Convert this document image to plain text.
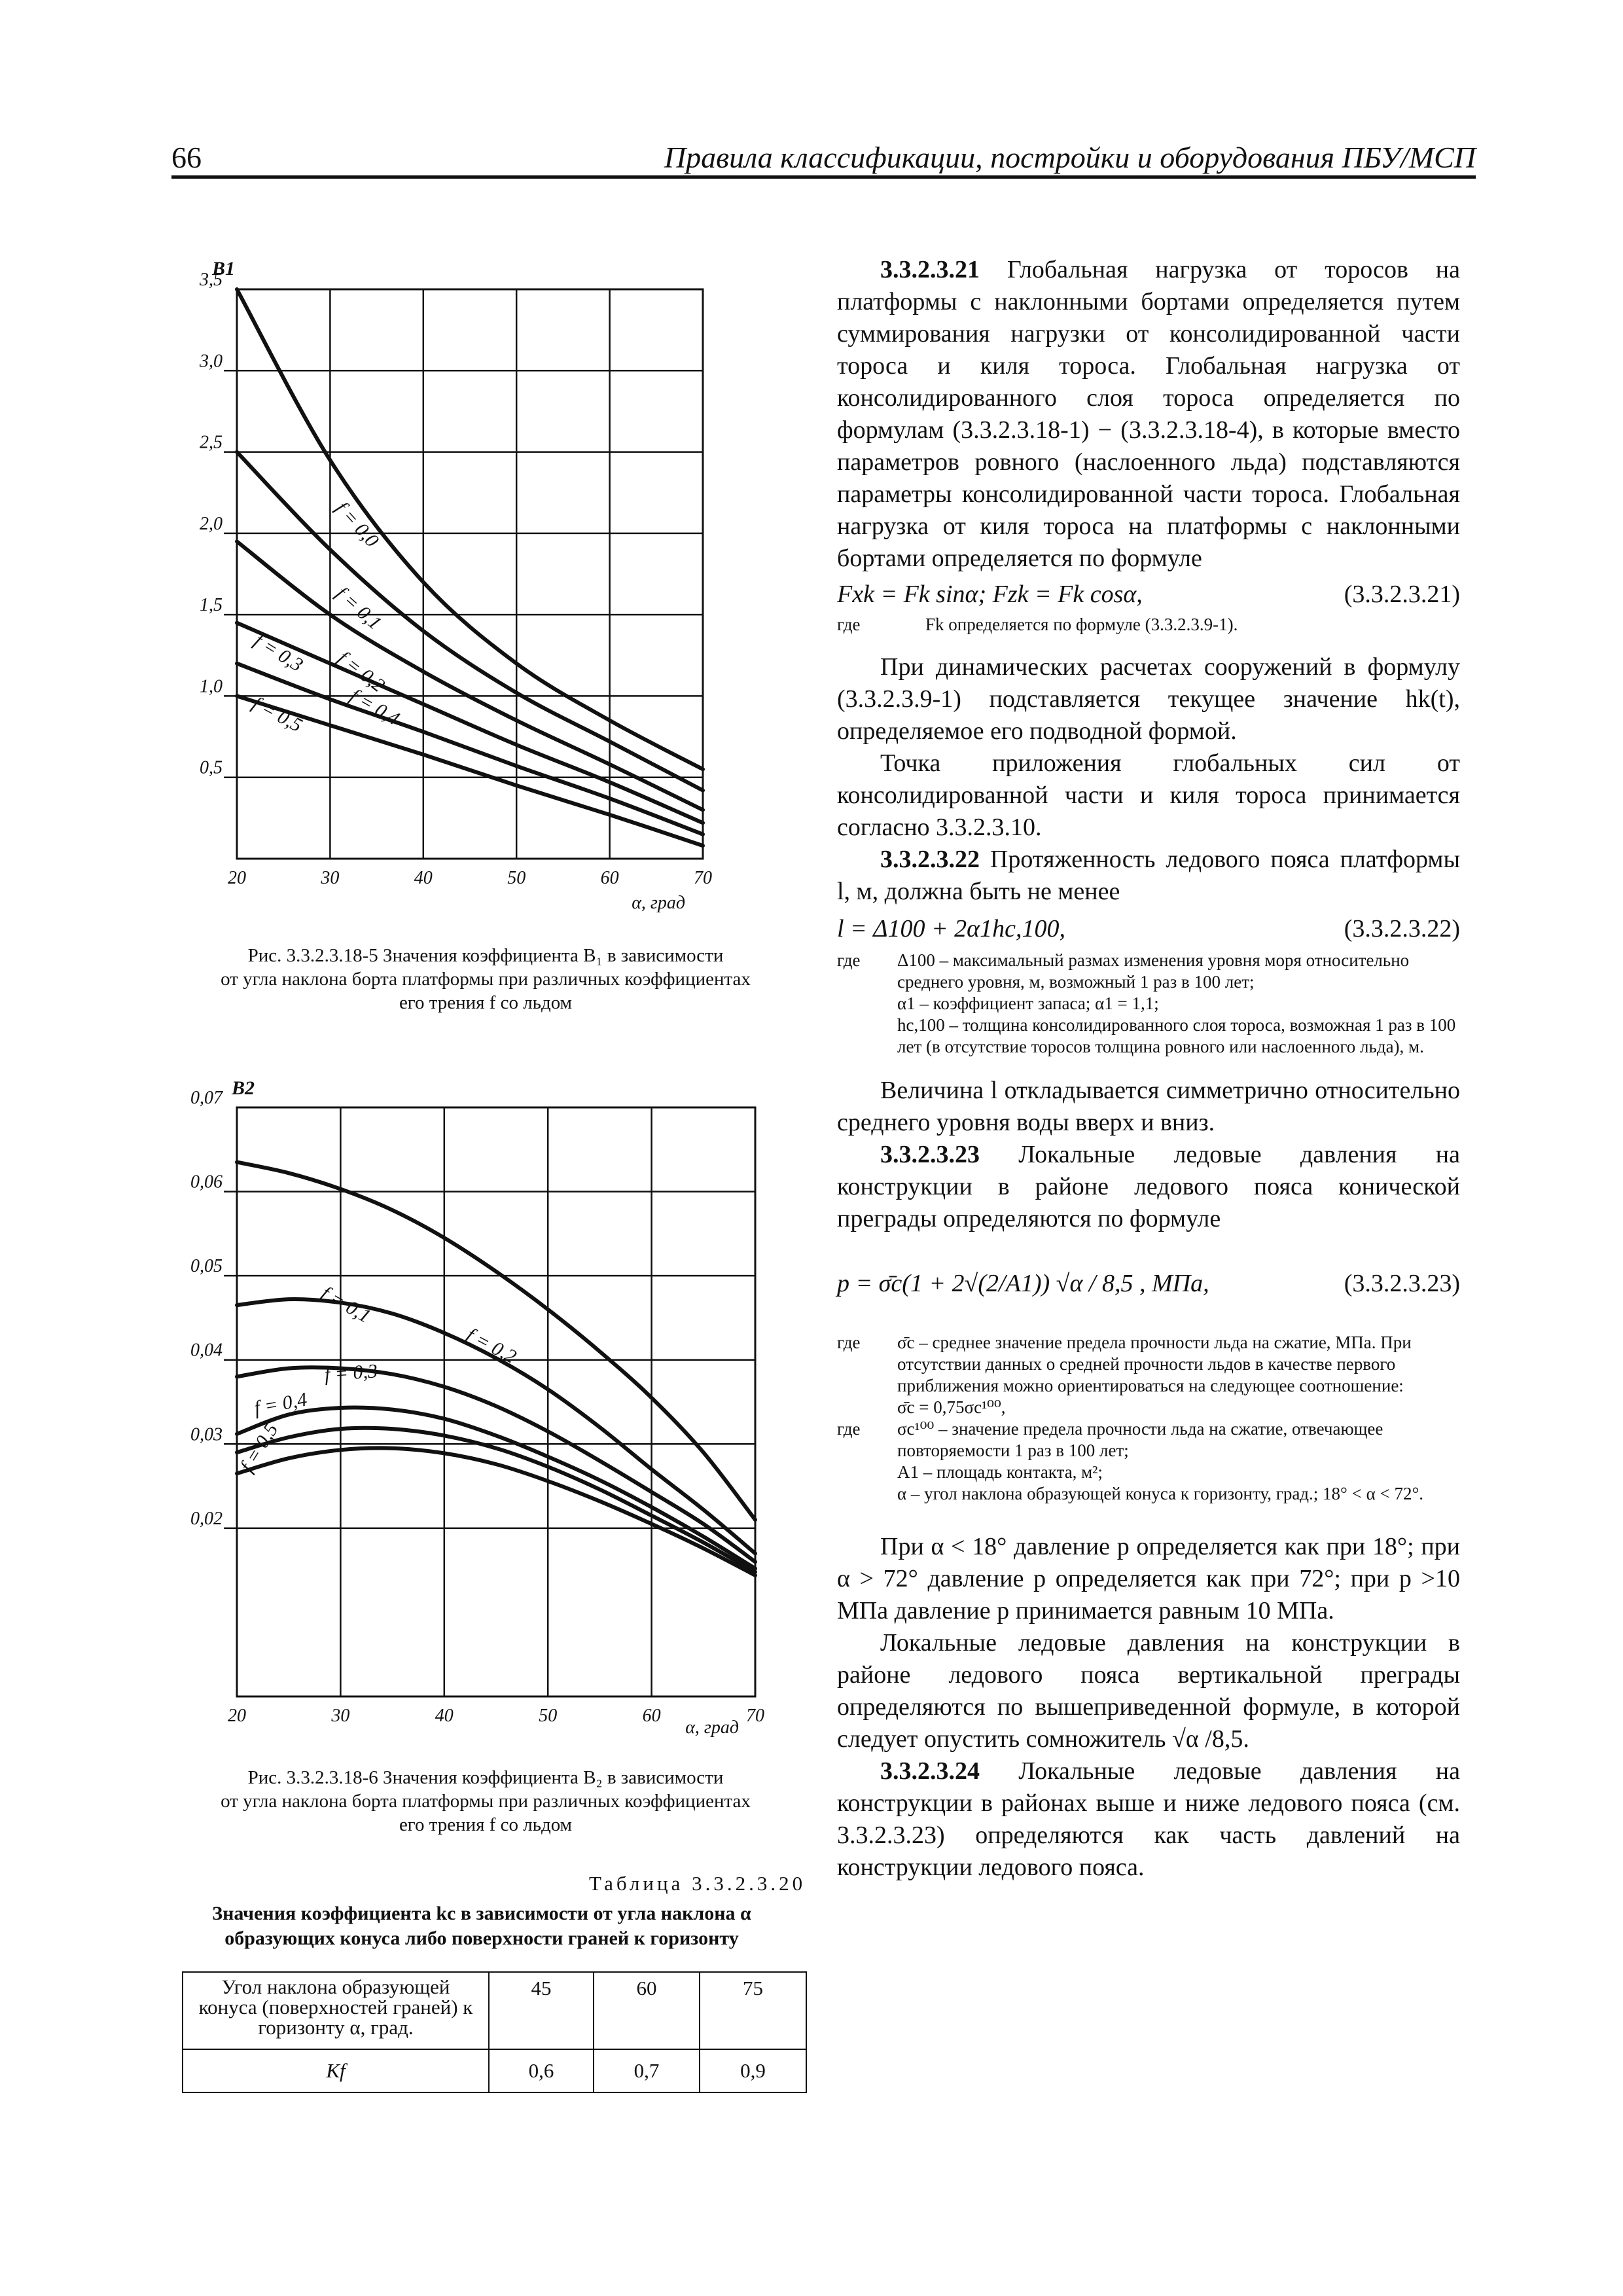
66	Правила классификации, постройки и оборудования ПБУ/МСП
20	30	40	50	60	70
3,5
3,0
2,5
2,0
1,5
1,0
0,5
f = 0,0
f = 0,1
f = 0,2
f = 0,3
f = 0,4
f = 0,5
B1
α, град
Рис. 3.3.2.3.18-5 Значения коэффициента B₁ в зависимости
от угла наклона борта платформы при различных коэффициентах
его трения f со льдом
20	30	40	50	60	70
0,07
0,06
0,05
0,04
0,03
0,02
f = 0,1
f = 0,2
f = 0,3
f = 0,4
f = 0,5
B2
α, град
Рис. 3.3.2.3.18-6 Значения коэффициента B₂ в зависимости
от угла наклона борта платформы при различных коэффициентах
его трения f со льдом
Таблица 3.3.2.3.20
Значения коэффициента kc в зависимости от угла наклона α
образующих конуса либо поверхности граней к горизонту
Угол наклона образующей
конуса (поверхностей граней) к
горизонту α, град.	45	60	75
Kf	0,6	0,7	0,9

3.3.2.3.21 Глобальная нагрузка от торосов на платформы с наклонными бортами определяется путем суммирования нагрузки от консолидированной части тороса и киля тороса. Глобальная нагрузка от консолидированного слоя тороса определяется по формулам (3.3.2.3.18-1) − (3.3.2.3.18-4), в которые вместо параметров ровного (наслоенного льда) подставляются параметры консолидированной части тороса. Глобальная нагрузка от киля тороса на платформы с наклонными бортами определяется по формуле

Fxk = Fk sinα; Fzk = Fk cosα,	(3.3.2.3.21)
где	Fk определяется по формуле (3.3.2.3.9-1).

При динамических расчетах сооружений в формулу (3.3.2.3.9-1) подставляется текущее значение hk(t), определяемое его подводной формой.

Точка приложения глобальных сил от консолидированной части и киля тороса принимается согласно 3.3.2.3.10.

3.3.2.3.22 Протяженность ледового пояса платформы l, м, должна быть не менее

l = Δ100 + 2α1hc,100,	(3.3.2.3.22)
где Δ100 – максимальный размах изменения уровня моря относительно среднего уровня, м, возможный 1 раз в 100 лет;
α1 – коэффициент запаса; α1 = 1,1;
hc,100 – толщина консолидированного слоя тороса, возможная 1 раз в 100 лет (в отсутствие торосов толщина ровного или наслоенного льда), м.

Величина l откладывается симметрично относительно среднего уровня воды вверх и вниз.

3.3.2.3.23 Локальные ледовые давления на конструкции в районе ледового пояса конической преграды определяются по формуле

p = σ̄c(1 + 2√(2/A1)) √α / 8,5 , МПа,	(3.3.2.3.23)
где σ̄c – среднее значение предела прочности льда на сжатие, МПа. При отсутствии данных о средней прочности льдов в качестве первого приближения можно ориентироваться на следующее соотношение:
σ̄c = 0,75σc¹⁰⁰,
где σc¹⁰⁰ – значение предела прочности льда на сжатие, отвечающее повторяемости 1 раз в 100 лет;
A1 – площадь контакта, м²;
α – угол наклона образующей конуса к горизонту, град.; 18° < α < 72°.

При α < 18° давление p определяется как при 18°; при α > 72° давление p определяется как при 72°; при p >10 МПа давление p принимается равным 10 МПа.

Локальные ледовые давления на конструкции в районе ледового пояса вертикальной преграды определяются по вышеприведенной формуле, в которой следует опустить сомножитель √α /8,5.

3.3.2.3.24 Локальные ледовые давления на конструкции в районах выше и ниже ледового пояса (см. 3.3.2.3.23) определяются как часть давлений на конструкции ледового пояса.
